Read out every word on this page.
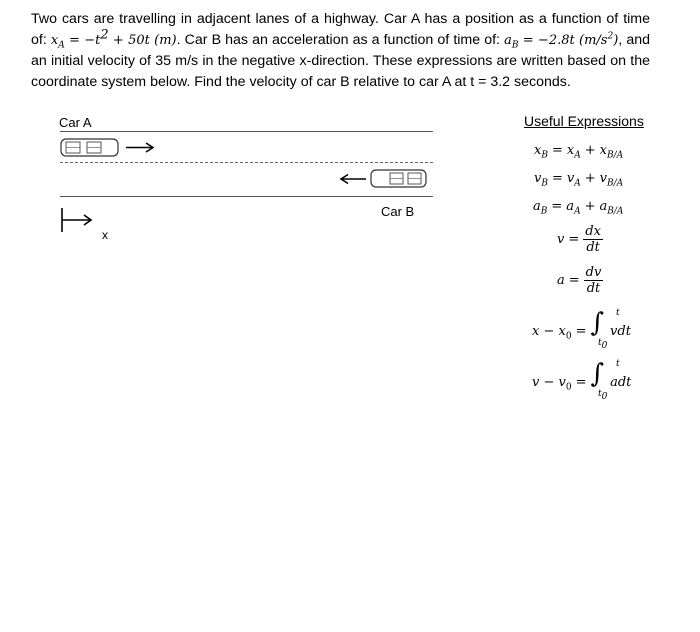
Two cars are travelling in adjacent lanes of a highway. Car A has a position as a function of time of: $x_A = -t^2 + 50t$ (m). Car B has an acceleration as a function of time of: $a_B = -2.8t$ $(m/s^2)$, and an initial velocity of 35 m/s in the negative x-direction. These expressions are written based on the coordinate system below. Find the velocity of car B relative to car A at t = 3.2 seconds.
Car A
Car B
x
Useful Expressions
$x_B = x_A + x_{B/A}$
$v_B = v_A + v_{B/A}$
$a_B = a_A + a_{B/A}$
$v = \frac{dx}{dt}$
$a = \frac{dv}{dt}$
$x - x_0$ = ∫ vdt
t
$t_0$
$v - v_0$ = ∫ adt
t
$t_0$
